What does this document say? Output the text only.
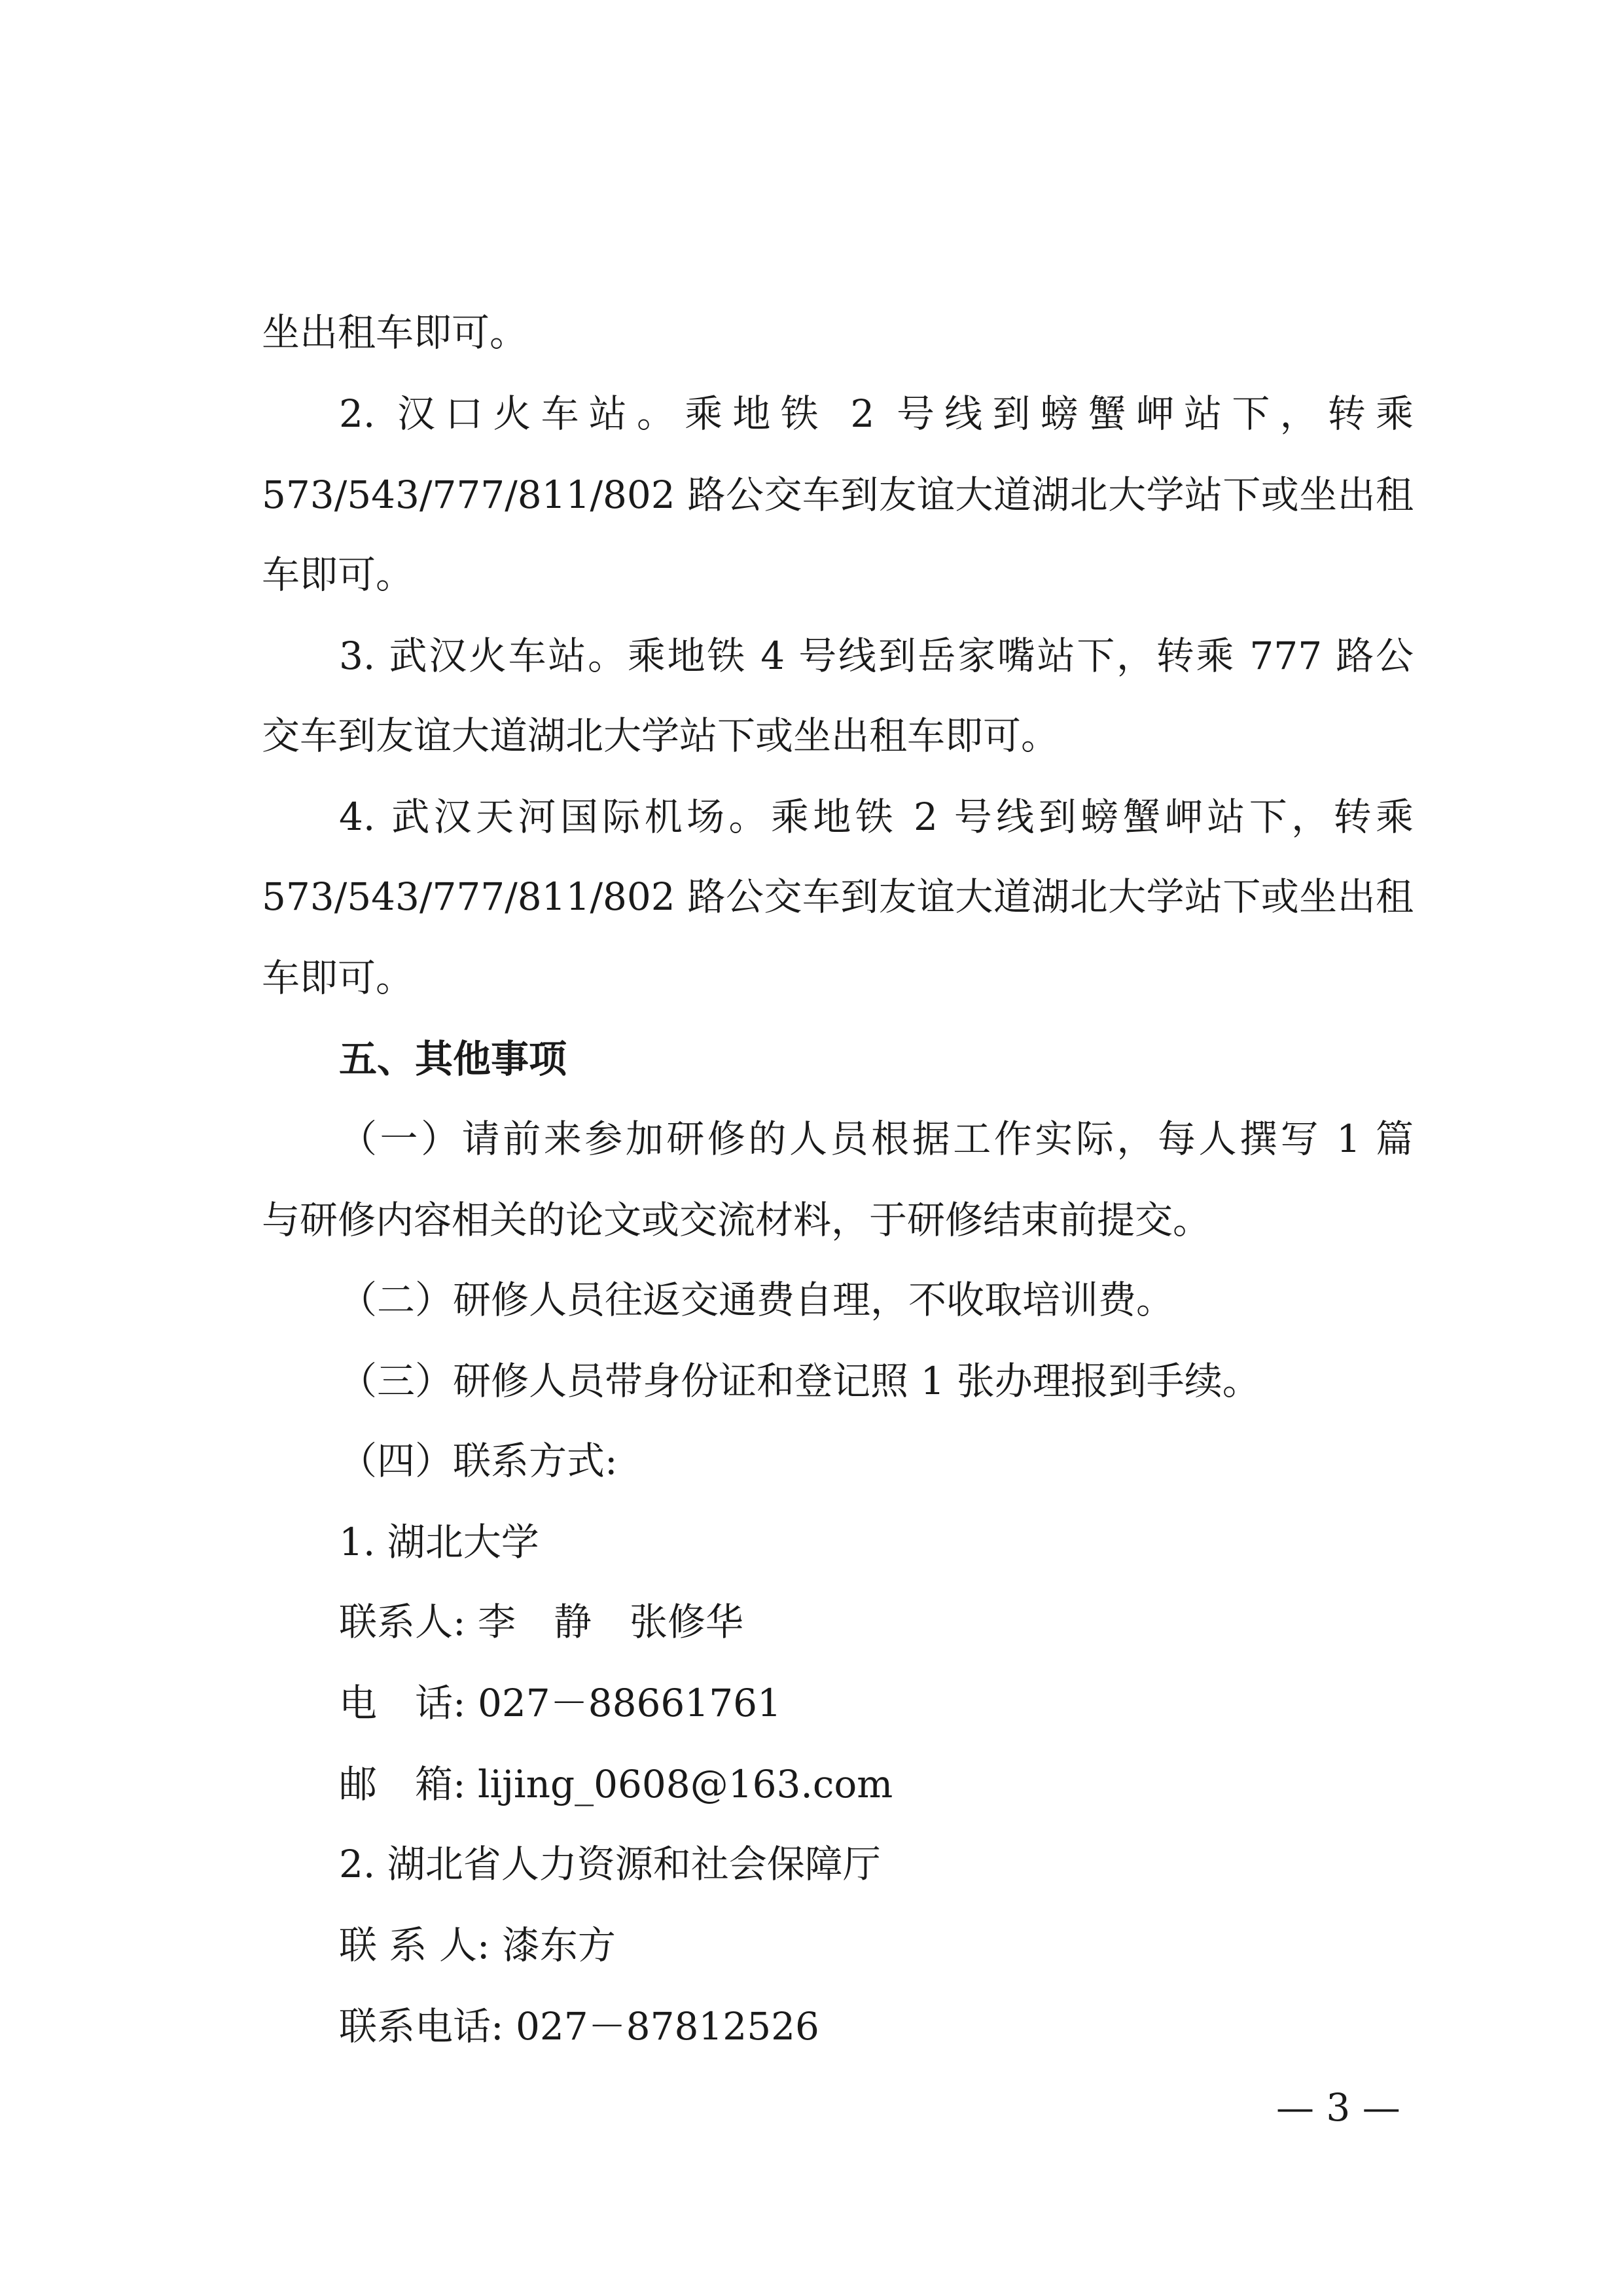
坐出租车即可。
2. 汉口火车站。乘地铁 2 号线到螃蟹岬站下，转乘
573/543/777/811/802 路公交车到友谊大道湖北大学站下或坐出租
车即可。
3. 武汉火车站。乘地铁 4 号线到岳家嘴站下，转乘 777 路公
交车到友谊大道湖北大学站下或坐出租车即可。
4. 武汉天河国际机场。乘地铁 2 号线到螃蟹岬站下，转乘
573/543/777/811/802 路公交车到友谊大道湖北大学站下或坐出租
车即可。
五、其他事项
（一）请前来参加研修的人员根据工作实际，每人撰写 1 篇
与研修内容相关的论文或交流材料，于研修结束前提交。
（二）研修人员往返交通费自理，不收取培训费。
（三）研修人员带身份证和登记照 1 张办理报到手续。
（四）联系方式:
1. 湖北大学
联系人: 李　静　张修华
电　话: 027－88661761
邮　箱: lijing_0608@163.com
2. 湖北省人力资源和社会保障厅
联 系 人: 漆东方
联系电话: 027－87812526
— 3 —
